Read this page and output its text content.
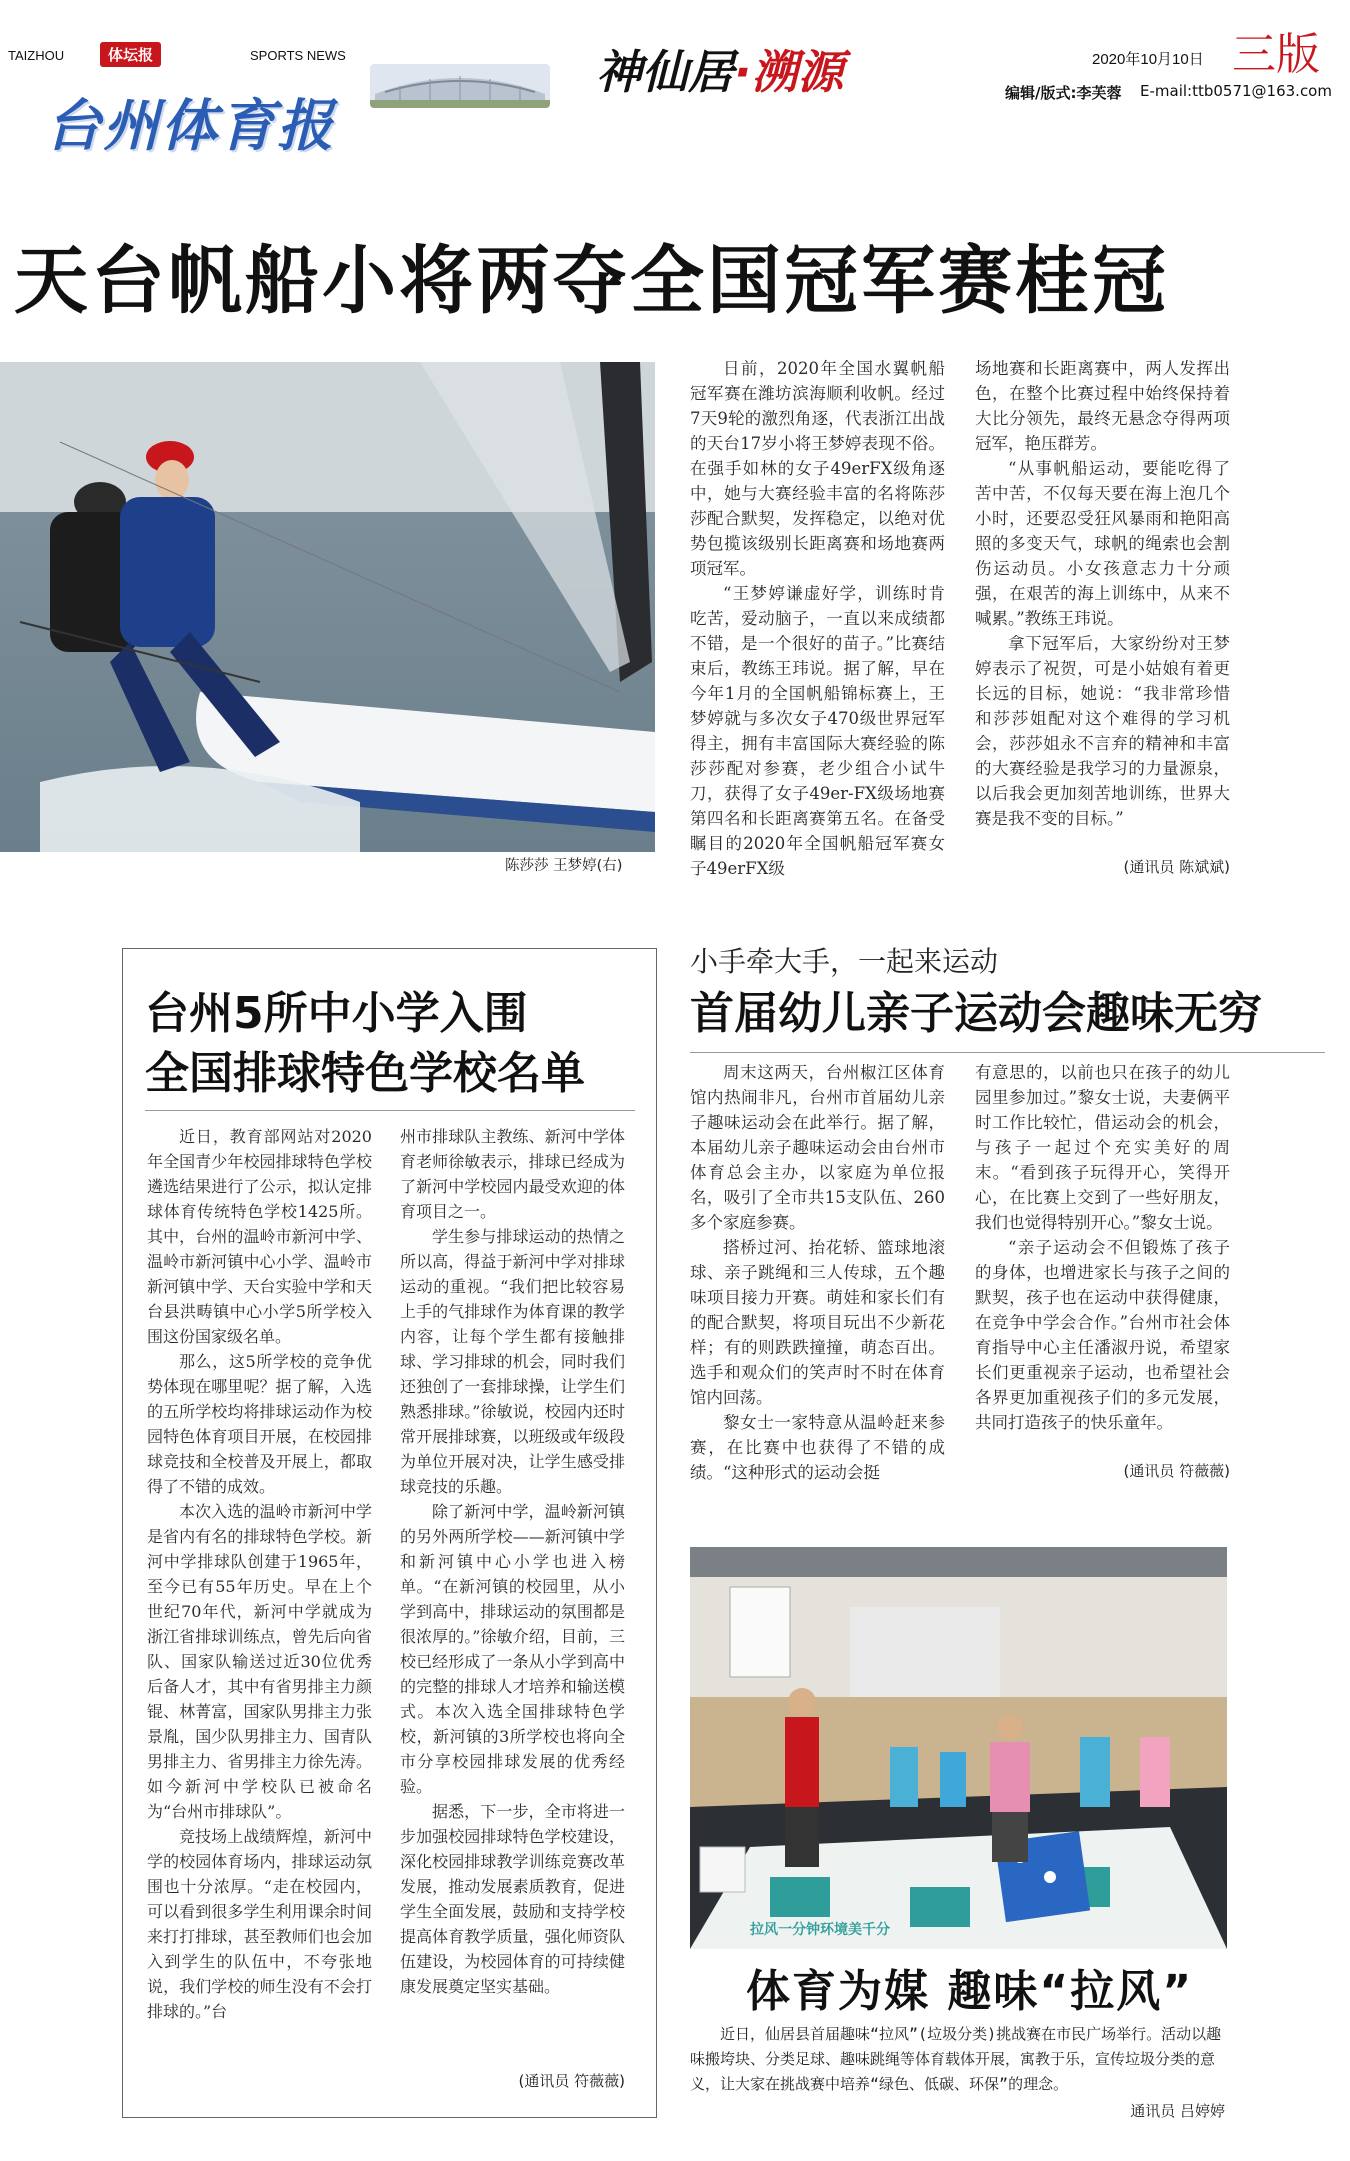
TAIZHOU	体坛报	SPORTS NEWS
台州体育报
神仙居·溯源	2020年10月10日 三版
编辑/版式:李芙蓉 E-mail:ttb0571@163.com
天台帆船小将两夺全国冠军赛桂冠
陈莎莎 王梦婷(右)

日前，2020年全国水翼帆船冠军赛在潍坊滨海顺利收帆。经过7天9轮的激烈角逐，代表浙江出战的天台17岁小将王梦婷表现不俗。在强手如林的女子49erFX级角逐中，她与大赛经验丰富的名将陈莎莎配合默契，发挥稳定，以绝对优势包揽该级别长距离赛和场地赛两项冠军。

“王梦婷谦虚好学，训练时肯吃苦，爱动脑子，一直以来成绩都不错，是一个很好的苗子。”比赛结束后，教练王玮说。据了解，早在今年1月的全国帆船锦标赛上，王梦婷就与多次女子470级世界冠军得主，拥有丰富国际大赛经验的陈莎莎配对参赛，老少组合小试牛刀，获得了女子49er-FX级场地赛第四名和长距离赛第五名。在备受瞩目的2020年全国帆船冠军赛女子49erFX级

场地赛和长距离赛中，两人发挥出色，在整个比赛过程中始终保持着大比分领先，最终无悬念夺得两项冠军，艳压群芳。

“从事帆船运动，要能吃得了苦中苦，不仅每天要在海上泡几个小时，还要忍受狂风暴雨和艳阳高照的多变天气，球帆的绳索也会割伤运动员。小女孩意志力十分顽强，在艰苦的海上训练中，从来不喊累。”教练王玮说。

拿下冠军后，大家纷纷对王梦婷表示了祝贺，可是小姑娘有着更长远的目标，她说：“我非常珍惜和莎莎姐配对这个难得的学习机会，莎莎姐永不言弃的精神和丰富的大赛经验是我学习的力量源泉，以后我会更加刻苦地训练，世界大赛是我不变的目标。”

(通讯员 陈斌斌)
台州5所中小学入围
全国排球特色学校名单

近日，教育部网站对2020年全国青少年校园排球特色学校遴选结果进行了公示，拟认定排球体育传统特色学校1425所。其中，台州的温岭市新河中学、温岭市新河镇中心小学、温岭市新河镇中学、天台实验中学和天台县洪畴镇中心小学5所学校入围这份国家级名单。

那么，这5所学校的竞争优势体现在哪里呢？据了解，入选的五所学校均将排球运动作为校园特色体育项目开展，在校园排球竞技和全校普及开展上，都取得了不错的成效。

本次入选的温岭市新河中学是省内有名的排球特色学校。新河中学排球队创建于1965年，至今已有55年历史。早在上个世纪70年代，新河中学就成为浙江省排球训练点，曾先后向省队、国家队输送过近30位优秀后备人才，其中有省男排主力颜锟、林菁富，国家队男排主力张景胤，国少队男排主力、国青队男排主力、省男排主力徐先涛。如今新河中学校队已被命名为“台州市排球队”。

竞技场上战绩辉煌，新河中学的校园体育场内，排球运动氛围也十分浓厚。“走在校园内，可以看到很多学生利用课余时间来打打排球，甚至教师们也会加入到学生的队伍中，不夸张地说，我们学校的师生没有不会打排球的。”台

州市排球队主教练、新河中学体育老师徐敏表示，排球已经成为了新河中学校园内最受欢迎的体育项目之一。

学生参与排球运动的热情之所以高，得益于新河中学对排球运动的重视。“我们把比较容易上手的气排球作为体育课的教学内容，让每个学生都有接触排球、学习排球的机会，同时我们还独创了一套排球操，让学生们熟悉排球。”徐敏说，校园内还时常开展排球赛，以班级或年级段为单位开展对决，让学生感受排球竞技的乐趣。

除了新河中学，温岭新河镇的另外两所学校——新河镇中学和新河镇中心小学也进入榜单。“在新河镇的校园里，从小学到高中，排球运动的氛围都是很浓厚的。”徐敏介绍，目前，三校已经形成了一条从小学到高中的完整的排球人才培养和输送模式。本次入选全国排球特色学校，新河镇的3所学校也将向全市分享校园排球发展的优秀经验。

据悉，下一步，全市将进一步加强校园排球特色学校建设，深化校园排球教学训练竞赛改革发展，推动发展素质教育，促进学生全面发展，鼓励和支持学校提高体育教学质量，强化师资队伍建设，为校园体育的可持续健康发展奠定坚实基础。

(通讯员 符薇薇)
小手牵大手，一起来运动
首届幼儿亲子运动会趣味无穷

周末这两天，台州椒江区体育馆内热闹非凡，台州市首届幼儿亲子趣味运动会在此举行。据了解，本届幼儿亲子趣味运动会由台州市体育总会主办，以家庭为单位报名，吸引了全市共15支队伍、260多个家庭参赛。

搭桥过河、抬花轿、篮球地滚球、亲子跳绳和三人传球，五个趣味项目接力开赛。萌娃和家长们有的配合默契，将项目玩出不少新花样；有的则跌跌撞撞，萌态百出。选手和观众们的笑声时不时在体育馆内回荡。

黎女士一家特意从温岭赶来参赛，在比赛中也获得了不错的成绩。“这种形式的运动会挺

有意思的，以前也只在孩子的幼儿园里参加过。”黎女士说，夫妻俩平时工作比较忙，借运动会的机会，与孩子一起过个充实美好的周末。“看到孩子玩得开心，笑得开心，在比赛上交到了一些好朋友，我们也觉得特别开心。”黎女士说。

“亲子运动会不但锻炼了孩子的身体，也增进家长与孩子之间的默契，孩子也在运动中获得健康，在竞争中学会合作。”台州市社会体育指导中心主任潘淑丹说，希望家长们更重视亲子运动，也希望社会各界更加重视孩子们的多元发展，共同打造孩子的快乐童年。

(通讯员 符薇薇)
拉风一分钟环境美千分
体育为媒 趣味“拉风”

近日，仙居县首届趣味“拉风”(垃圾分类)挑战赛在市民广场举行。活动以趣味搬垮块、分类足球、趣味跳绳等体育载体开展，寓教于乐，宣传垃圾分类的意义，让大家在挑战赛中培养“绿色、低碳、环保”的理念。

通讯员 吕婷婷
